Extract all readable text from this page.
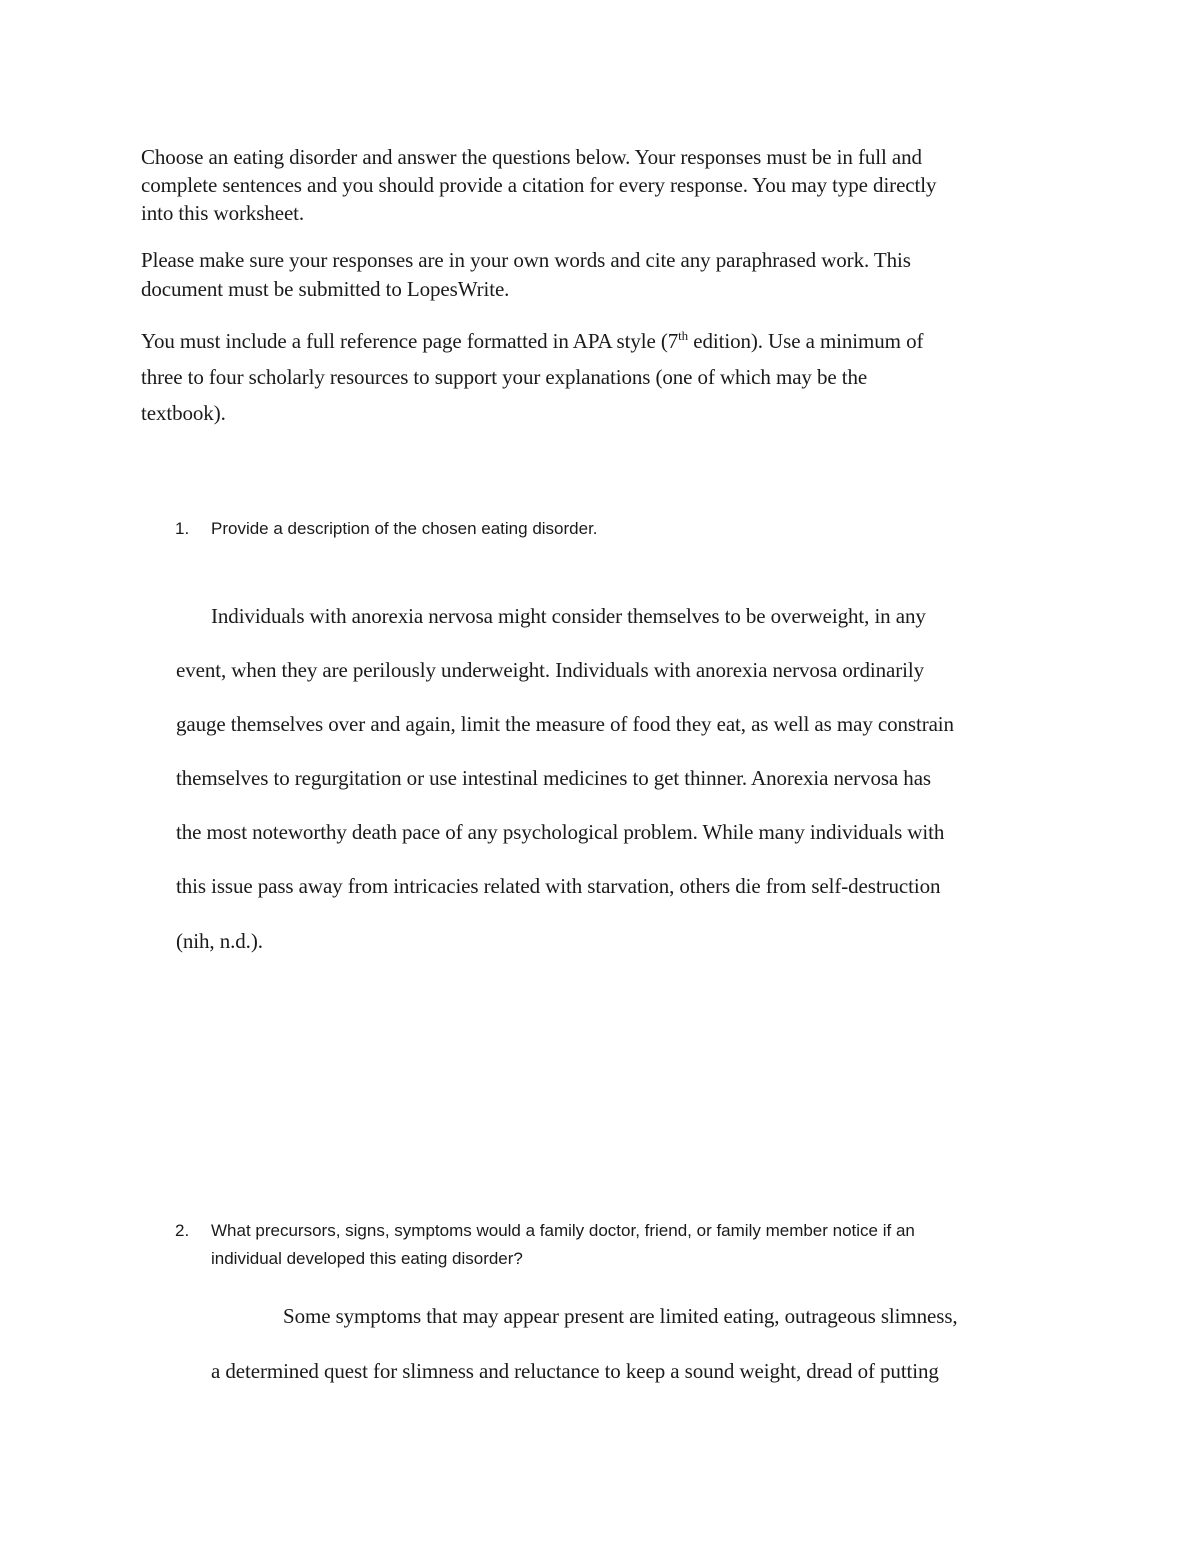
Choose an eating disorder and answer the questions below. Your responses must be in full and
complete sentences and you should provide a citation for every response. You may type directly
into this worksheet.
Please make sure your responses are in your own words and cite any paraphrased work. This
document must be submitted to LopesWrite.
You must include a full reference page formatted in APA style (7th edition). Use a minimum of
three to four scholarly resources to support your explanations (one of which may be the
textbook).
1. Provide a description of the chosen eating disorder.
Individuals with anorexia nervosa might consider themselves to be overweight, in any
event, when they are perilously underweight. Individuals with anorexia nervosa ordinarily
gauge themselves over and again, limit the measure of food they eat, as well as may constrain
themselves to regurgitation or use intestinal medicines to get thinner. Anorexia nervosa has
the most noteworthy death pace of any psychological problem. While many individuals with
this issue pass away from intricacies related with starvation, others die from self-destruction
(nih, n.d.).
2. What precursors, signs, symptoms would a family doctor, friend, or family member notice if an
individual developed this eating disorder?
Some symptoms that may appear present are limited eating, outrageous slimness,
a determined quest for slimness and reluctance to keep a sound weight, dread of putting
